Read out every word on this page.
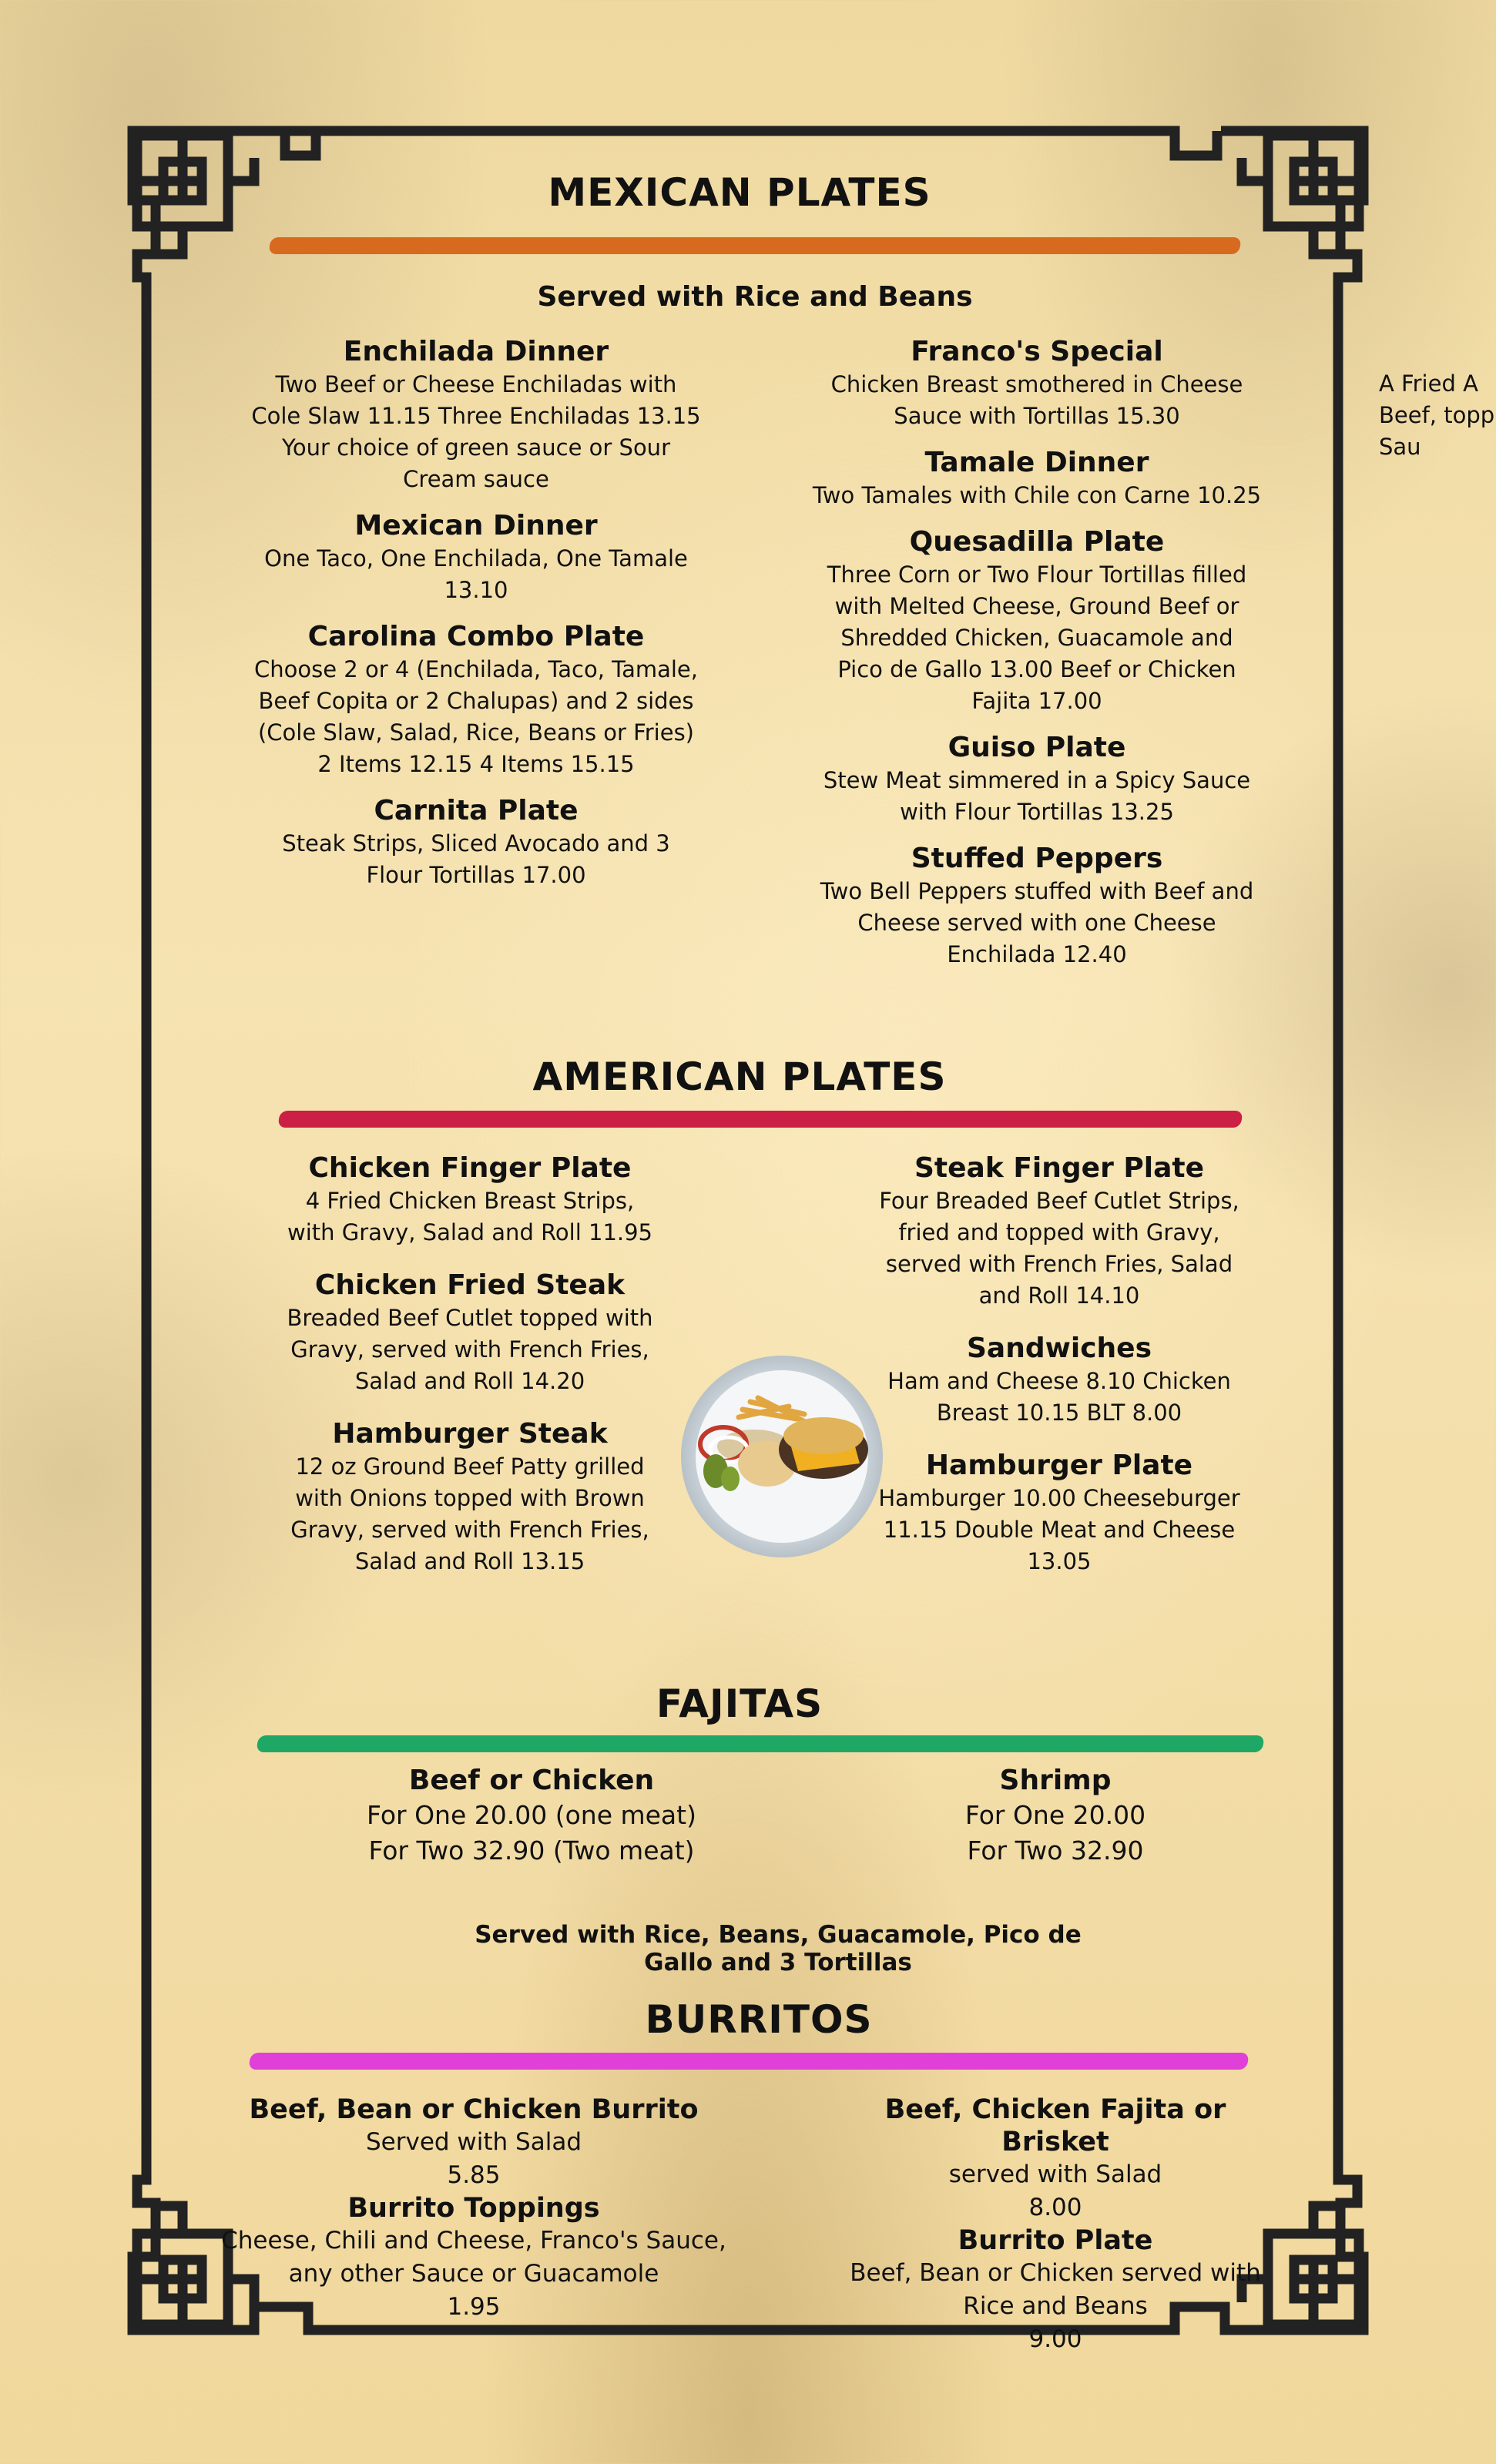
MEXICAN PLATES
Served with Rice and Beans
Enchilada Dinner
Two Beef or Cheese Enchiladas with
Cole Slaw 11.15 Three Enchiladas 13.15
Your choice of green sauce or Sour
Cream sauce
Mexican Dinner
One Taco, One Enchilada, One Tamale
13.10
Carolina Combo Plate
Choose 2 or 4 (Enchilada, Taco, Tamale,
Beef Copita or 2 Chalupas) and 2 sides
(Cole Slaw, Salad, Rice, Beans or Fries)
2 Items 12.15 4 Items 15.15
Carnita Plate
Steak Strips, Sliced Avocado and 3
Flour Tortillas 17.00
Franco's Special
Chicken Breast smothered in Cheese
Sauce with Tortillas 15.30
Tamale Dinner
Two Tamales with Chile con Carne 10.25
Quesadilla Plate
Three Corn or Two Flour Tortillas filled
with Melted Cheese, Ground Beef or
Shredded Chicken, Guacamole and
Pico de Gallo 13.00 Beef or Chicken
Fajita 17.00
Guiso Plate
Stew Meat simmered in a Spicy Sauce
with Flour Tortillas 13.25
Stuffed Peppers
Two Bell Peppers stuffed with Beef and
Cheese served with one Cheese
Enchilada 12.40
A Fried A
Beef, topp
Sau
AMERICAN PLATES
Chicken Finger Plate
4 Fried Chicken Breast Strips,
with Gravy, Salad and Roll 11.95
Chicken Fried Steak
Breaded Beef Cutlet topped with
Gravy, served with French Fries,
Salad and Roll 14.20
Hamburger Steak
12 oz Ground Beef Patty grilled
with Onions topped with Brown
Gravy, served with French Fries,
Salad and Roll 13.15
Steak Finger Plate
Four Breaded Beef Cutlet Strips,
fried and topped with Gravy,
served with French Fries, Salad
and Roll 14.10
Sandwiches
Ham and Cheese 8.10 Chicken
Breast 10.15 BLT 8.00
Hamburger Plate
Hamburger 10.00 Cheeseburger
11.15 Double Meat and Cheese
13.05
FAJITAS
Beef or Chicken
For One 20.00 (one meat)
For Two 32.90 (Two meat)
Shrimp
For One 20.00
For Two 32.90
Served with Rice, Beans, Guacamole, Pico de
Gallo and 3 Tortillas
BURRITOS
Beef, Bean or Chicken Burrito
Served with Salad
5.85
Burrito Toppings
Cheese, Chili and Cheese, Franco's Sauce,
any other Sauce or Guacamole
1.95
Beef, Chicken Fajita or Brisket
served with Salad
8.00
Burrito Plate
Beef, Bean or Chicken served with
Rice and Beans
9.00
